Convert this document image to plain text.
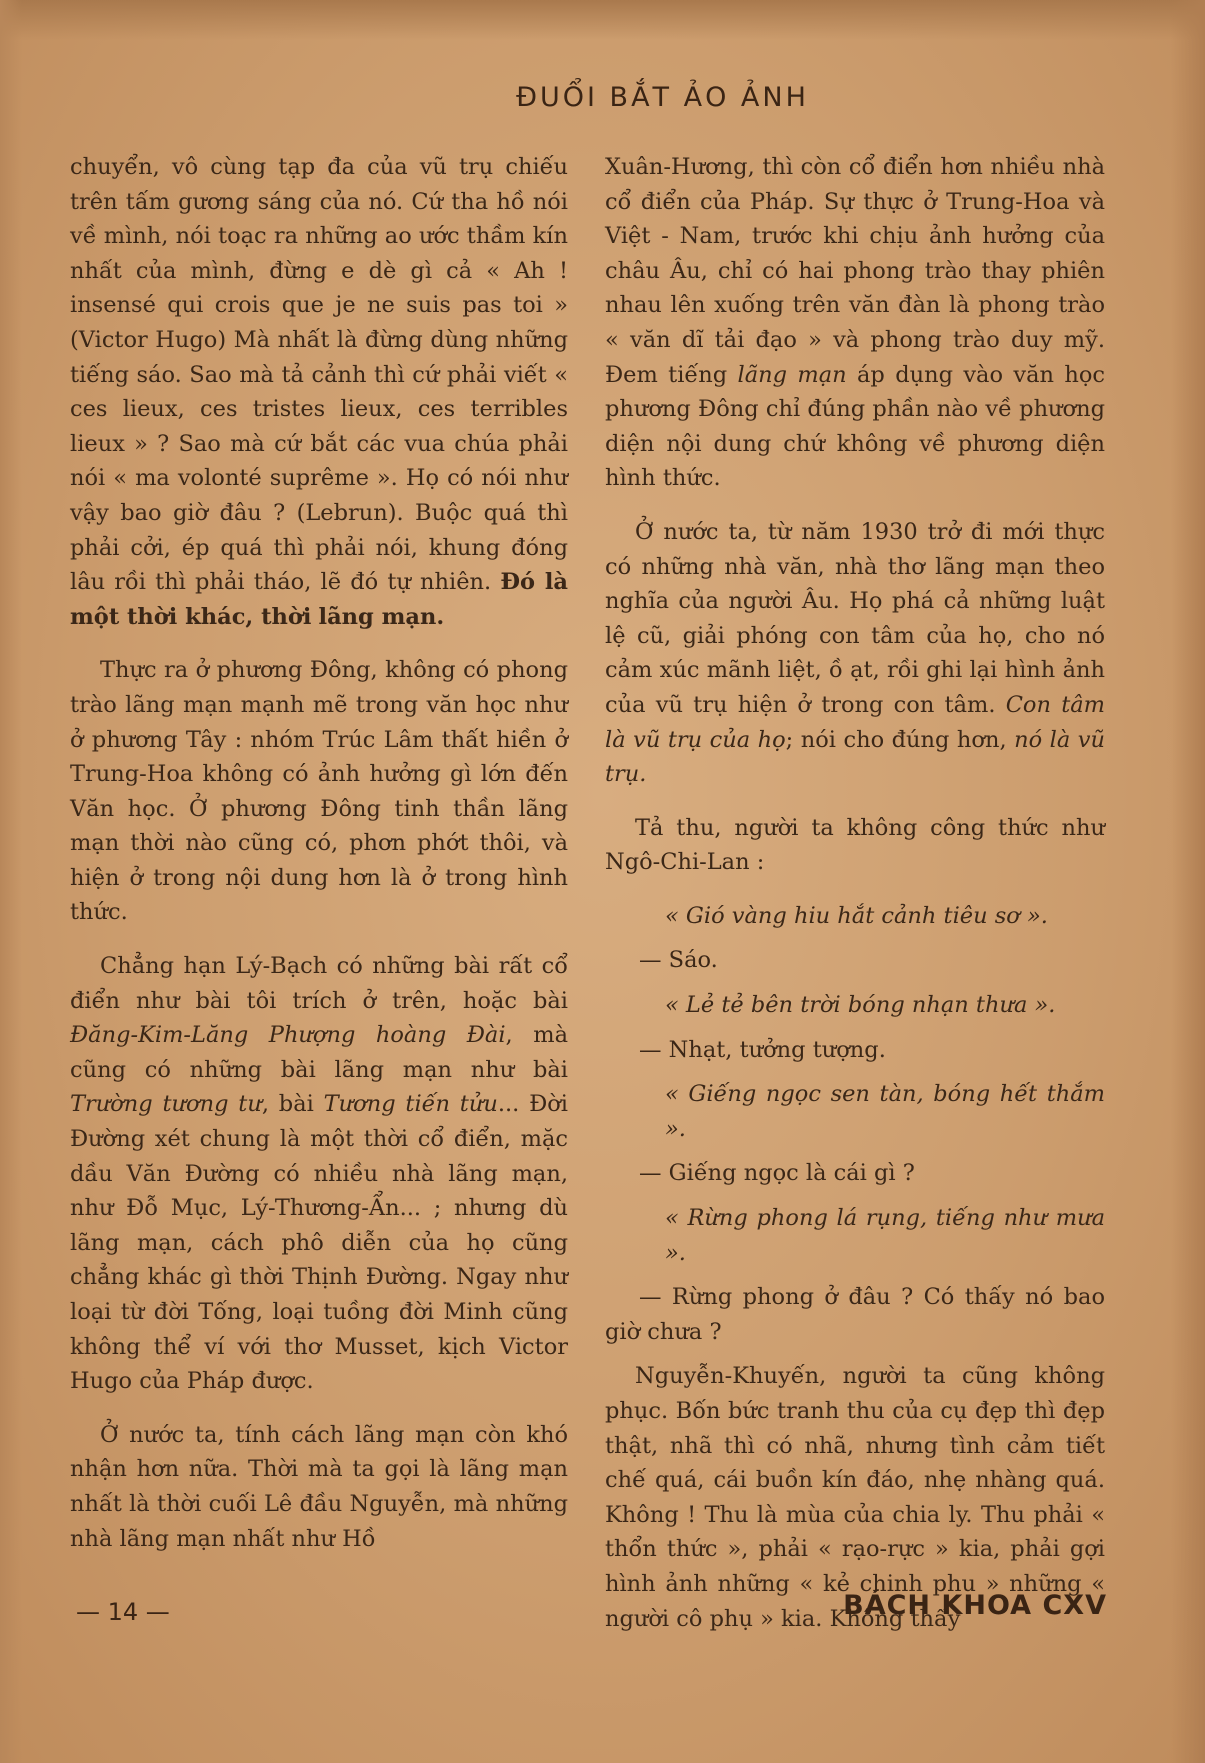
ĐUỔI BẮT ẢO ẢNH

chuyển, vô cùng tạp đa của vũ trụ chiếu trên tấm gương sáng của nó. Cứ tha hồ nói về mình, nói toạc ra những ao ước thầm kín nhất của mình, đừng e dè gì cả « Ah ! insensé qui crois que je ne suis pas toi » (Victor Hugo) Mà nhất là đừng dùng những tiếng sáo. Sao mà tả cảnh thì cứ phải viết « ces lieux, ces tristes lieux, ces terribles lieux » ? Sao mà cứ bắt các vua chúa phải nói « ma volonté suprême ». Họ có nói như vậy bao giờ đâu ? (Lebrun). Buộc quá thì phải cởi, ép quá thì phải nói, khung đóng lâu rồi thì phải tháo, lẽ đó tự nhiên. Đó là một thời khác, thời lãng mạn.

Thực ra ở phương Đông, không có phong trào lãng mạn mạnh mẽ trong văn học như ở phương Tây : nhóm Trúc Lâm thất hiền ở Trung-Hoa không có ảnh hưởng gì lớn đến Văn học. Ở phương Đông tinh thần lãng mạn thời nào cũng có, phơn phớt thôi, và hiện ở trong nội dung hơn là ở trong hình thức.

Chẳng hạn Lý-Bạch có những bài rất cổ điển như bài tôi trích ở trên, hoặc bài Đăng-Kim-Lăng Phượng hoàng Đài, mà cũng có những bài lãng mạn như bài Trường tương tư, bài Tương tiến tửu... Đời Đường xét chung là một thời cổ điển, mặc dầu Văn Đường có nhiều nhà lãng mạn, như Đỗ Mục, Lý-Thương-Ẩn... ; nhưng dù lãng mạn, cách phô diễn của họ cũng chẳng khác gì thời Thịnh Đường. Ngay như loại từ đời Tống, loại tuồng đời Minh cũng không thể ví với thơ Musset, kịch Victor Hugo của Pháp được.

Ở nước ta, tính cách lãng mạn còn khó nhận hơn nữa. Thời mà ta gọi là lãng mạn nhất là thời cuối Lê đầu Nguyễn, mà những nhà lãng mạn nhất như Hồ

Xuân-Hương, thì còn cổ điển hơn nhiều nhà cổ điển của Pháp. Sự thực ở Trung-Hoa và Việt - Nam, trước khi chịu ảnh hưởng của châu Âu, chỉ có hai phong trào thay phiên nhau lên xuống trên văn đàn là phong trào « văn dĩ tải đạo » và phong trào duy mỹ. Đem tiếng lãng mạn áp dụng vào văn học phương Đông chỉ đúng phần nào về phương diện nội dung chứ không về phương diện hình thức.

Ở nước ta, từ năm 1930 trở đi mới thực có những nhà văn, nhà thơ lãng mạn theo nghĩa của người Âu. Họ phá cả những luật lệ cũ, giải phóng con tâm của họ, cho nó cảm xúc mãnh liệt, ồ ạt, rồi ghi lại hình ảnh của vũ trụ hiện ở trong con tâm. Con tâm là vũ trụ của họ; nói cho đúng hơn, nó là vũ trụ.

Tả thu, người ta không công thức như Ngô-Chi-Lan :

« Gió vàng hiu hắt cảnh tiêu sơ ».

— Sáo.

« Lẻ tẻ bên trời bóng nhạn thưa ».

— Nhạt, tưởng tượng.

« Giếng ngọc sen tàn, bóng hết thắm ».

— Giếng ngọc là cái gì ?

« Rừng phong lá rụng, tiếng như mưa ».

— Rừng phong ở đâu ? Có thấy nó bao giờ chưa ?

Nguyễn-Khuyến, người ta cũng không phục. Bốn bức tranh thu của cụ đẹp thì đẹp thật, nhã thì có nhã, nhưng tình cảm tiết chế quá, cái buồn kín đáo, nhẹ nhàng quá. Không ! Thu là mùa của chia ly. Thu phải « thổn thức », phải « rạo-rực » kia, phải gợi hình ảnh những « kẻ chinh phu » những « người cô phụ » kia. Không thấy

— 14 —	BÁCH KHOA CXV
